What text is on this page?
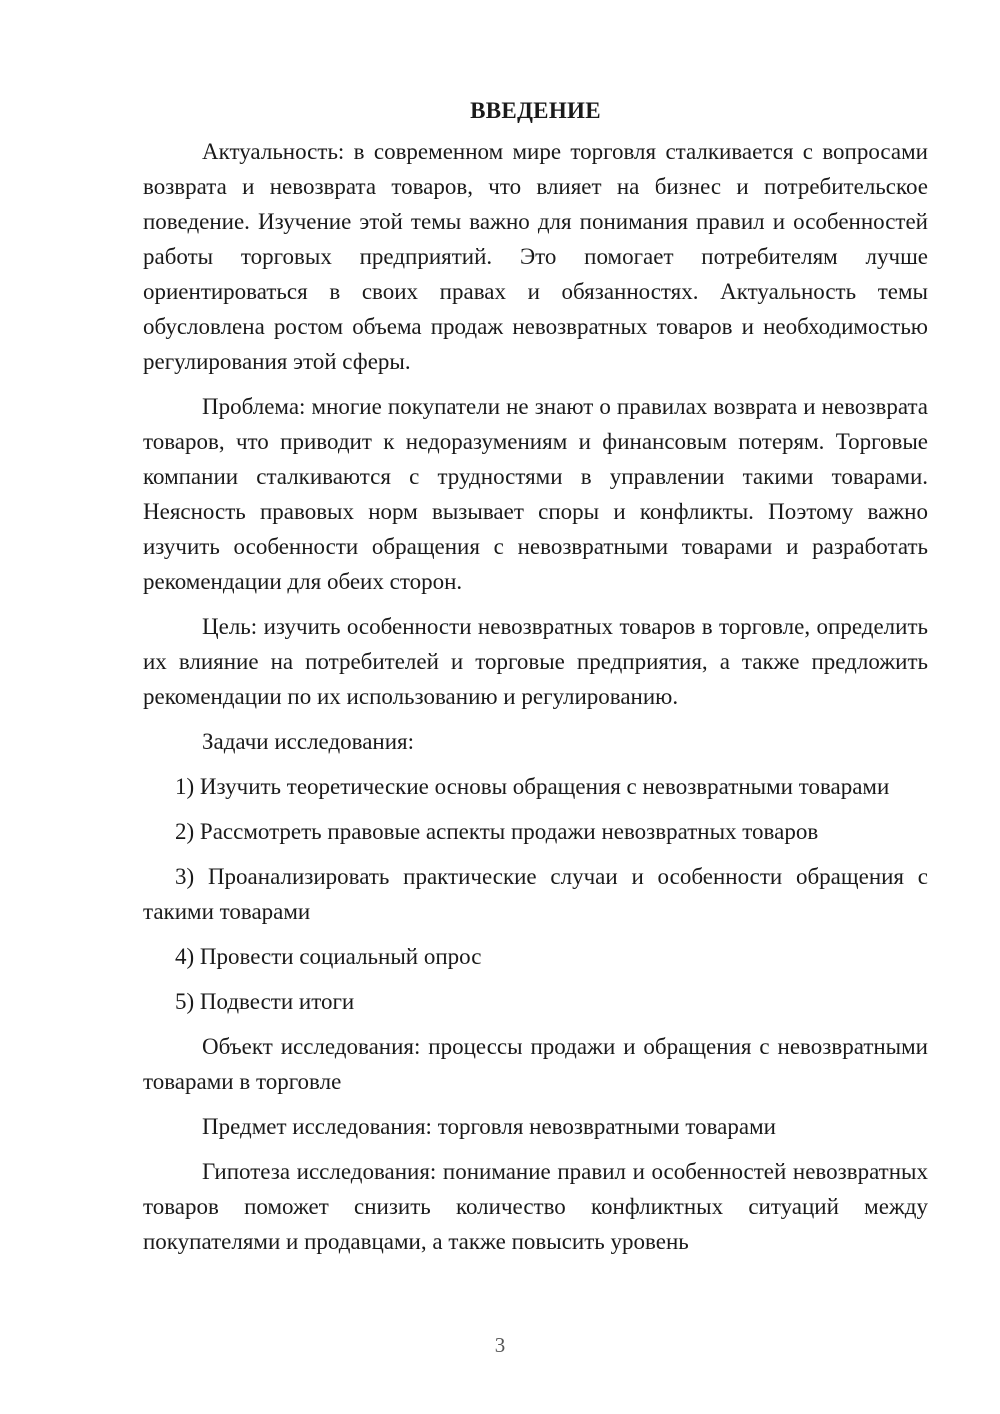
ВВЕДЕНИЕ

Актуальность: в современном мире торговля сталкивается с вопросами возврата и невозврата товаров, что влияет на бизнес и потребительское поведение. Изучение этой темы важно для понимания правил и особенностей работы торговых предприятий. Это помогает потребителям лучше ориентироваться в своих правах и обязанностях. Актуальность темы обусловлена ростом объема продаж невозвратных товаров и необходимостью регулирования этой сферы.

Проблема: многие покупатели не знают о правилах возврата и невозврата товаров, что приводит к недоразумениям и финансовым потерям. Торговые компании сталкиваются с трудностями в управлении такими товарами. Неясность правовых норм вызывает споры и конфликты. Поэтому важно изучить особенности обращения с невозвратными товарами и разработать рекомендации для обеих сторон.

Цель: изучить особенности невозвратных товаров в торговле, определить их влияние на потребителей и торговые предприятия, а также предложить рекомендации по их использованию и регулированию.

Задачи исследования:

1) Изучить теоретические основы обращения с невозвратными товарами

2) Рассмотреть правовые аспекты продажи невозвратных товаров

3) Проанализировать практические случаи и особенности обращения с такими товарами

4) Провести социальный опрос

5) Подвести итоги

Объект исследования: процессы продажи и обращения с невозвратными товарами в торговле

Предмет исследования: торговля невозвратными товарами

Гипотеза исследования: понимание правил и особенностей невозвратных товаров поможет снизить количество конфликтных ситуаций между покупателями и продавцами, а также повысить уровень

3
